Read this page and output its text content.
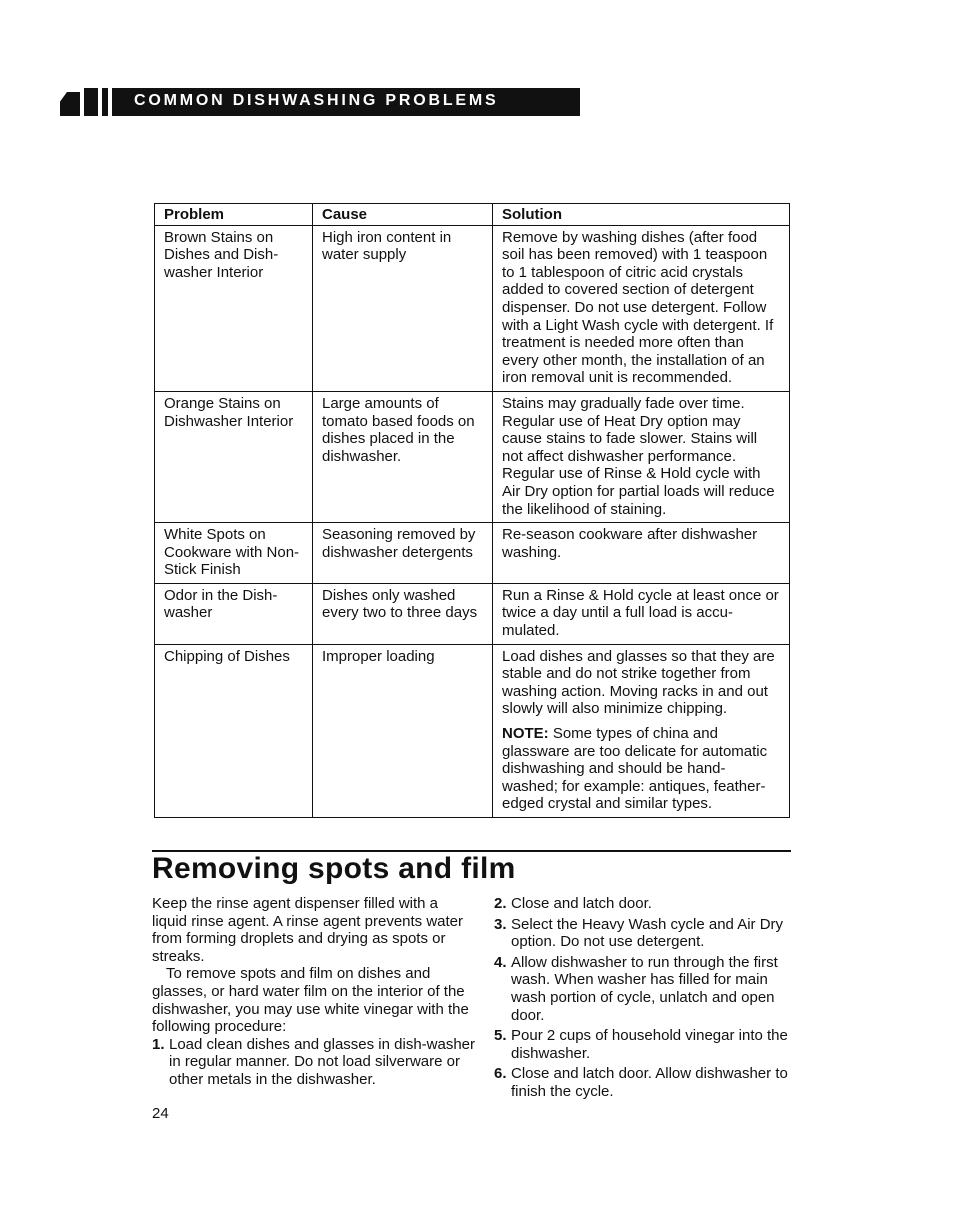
COMMON DISHWASHING PROBLEMS
Problem	Cause	Solution
Brown Stains on Dishes and Dish-washer Interior	High iron content in water supply	Remove by washing dishes (after food soil has been removed) with 1 teaspoon to 1 tablespoon of citric acid crystals added to covered section of detergent dispenser. Do not use detergent. Follow with a Light Wash cycle with detergent. If treatment is needed more often than every other month, the installation of an iron removal unit is recommended.
Orange Stains on Dishwasher Interior	Large amounts of tomato based foods on dishes placed in the dishwasher.	Stains may gradually fade over time. Regular use of Heat Dry option may cause stains to fade slower. Stains will not affect dishwasher performance. Regular use of Rinse & Hold cycle with Air Dry option for partial loads will reduce the likelihood of staining.
White Spots on Cookware with Non-Stick Finish	Seasoning removed by dishwasher detergents	Re-season cookware after dishwasher washing.
Odor in the Dish-washer	Dishes only washed every two to three days	Run a Rinse & Hold cycle at least once or twice a day until a full load is accu-mulated.
Chipping of Dishes	Improper loading	Load dishes and glasses so that they are stable and do not strike together from washing action. Moving racks in and out slowly will also minimize chipping.
NOTE: Some types of china and glassware are too delicate for automatic dishwashing and should be hand-washed; for example: antiques, feather-edged crystal and similar types.
Removing spots and film

Keep the rinse agent dispenser filled with a liquid rinse agent. A rinse agent prevents water from forming droplets and drying as spots or streaks.

To remove spots and film on dishes and glasses, or hard water film on the interior of the dishwasher, you may use white vinegar with the following procedure:

1. Load clean dishes and glasses in dish-washer in regular manner. Do not load silverware or other metals in the dishwasher.
2. Close and latch door.
3. Select the Heavy Wash cycle and Air Dry option. Do not use detergent.
4. Allow dishwasher to run through the first wash. When washer has filled for main wash portion of cycle, unlatch and open door.
5. Pour 2 cups of household vinegar into the dishwasher.
6. Close and latch door. Allow dishwasher to finish the cycle.
24
